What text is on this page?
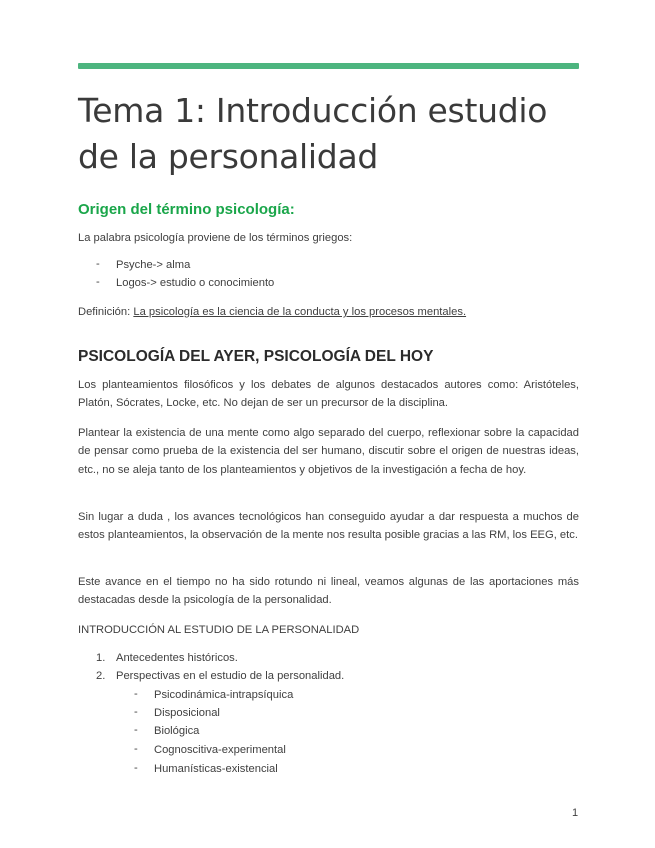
Tema 1: Introducción estudio de la personalidad
Origen del término psicología:

La palabra psicología proviene de los términos griegos:

- Psyche-> alma
- Logos-> estudio o conocimiento

Definición: La psicología es la ciencia de la conducta y los procesos mentales.

PSICOLOGÍA DEL AYER, PSICOLOGÍA DEL HOY

Los planteamientos filosóficos y los debates de algunos destacados autores como: Aristóteles, Platón, Sócrates, Locke, etc. No dejan de ser un precursor de la disciplina.

Plantear la existencia de una mente como algo separado del cuerpo, reflexionar sobre la capacidad de pensar como prueba de la existencia del ser humano, discutir sobre el origen de nuestras ideas, etc., no se aleja tanto de los planteamientos y objetivos de la investigación a fecha de hoy.

Sin lugar a duda , los avances tecnológicos han conseguido ayudar a dar respuesta a muchos de estos planteamientos, la observación de la mente nos resulta posible gracias a las RM, los EEG, etc.

Este avance en el tiempo no ha sido rotundo ni lineal, veamos algunas de las aportaciones más destacadas desde la psicología de la personalidad.

INTRODUCCIÓN AL ESTUDIO DE LA PERSONALIDAD

1. Antecedentes históricos.
2. Perspectivas en el estudio de la personalidad.
- Psicodinámica-intrapsíquica
- Disposicional
- Biológica
- Cognoscitiva-experimental
- Humanísticas-existencial
1
